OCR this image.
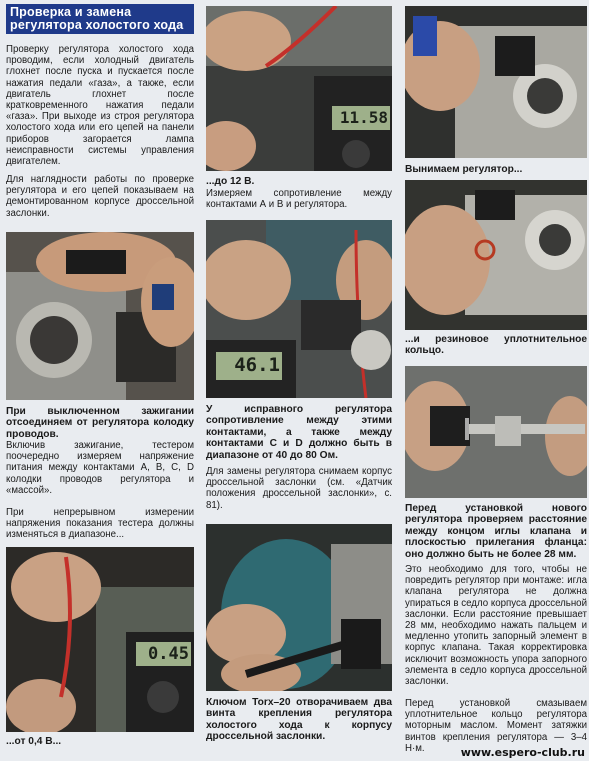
Проверка и замена регулятора холостого хода

Проверку регулятора холостого хода проводим, если холодный двигатель глохнет после пуска и пускается после нажатия педали «газа», а также, если двигатель глохнет после кратковременного нажатия педали «газа». При выходе из строя регулятора холостого хода или его цепей на панели приборов загорается лампа неисправности системы управления двигателем.

Для наглядности работы по проверке регулятора и его цепей показываем на демонтированном корпусе дроссельной заслонки.

При выключенном зажигании отсоединяем от регулятора колодку проводов.

Включив зажигание, тестером поочередно измеряем напряжение питания между контактами А, В, С, D колодки проводов регулятора и «массой».

При непрерывном измерении напряжения показания тестера должны изменяться в диапазоне...

0.45

...от 0,4 В...

11.58

...до 12 В.

Измеряем сопротивление между контактами А и В и регулятора.

46.1

У исправного регулятора сопротивление между этими контактами, а также между контактами С и D должно быть в диапазоне от 40 до 80 Ом.

Для замены регулятора снимаем корпус дроссельной заслонки (см. «Датчик положения дроссельной заслонки», с. 81).

Ключом Torx–20 отворачиваем два винта крепления регулятора холостого хода к корпусу дроссельной заслонки.

Вынимаем регулятор...

...и резиновое уплотнительное кольцо.

Перед установкой нового регулятора проверяем расстояние между концом иглы клапана и плоскостью прилегания фланца: оно должно быть не более 28 мм.

Это необходимо для того, чтобы не повредить регулятор при монтаже: игла клапана регулятора не должна упираться в седло корпуса дроссельной заслонки. Если расстояние превышает 28 мм, необходимо нажать пальцем и медленно утопить запорный элемент в корпус клапана. Такая корректировка исключит возможность упора запорного элемента в седло корпуса дроссельной заслонки.

Перед установкой смазываем уплотнительное кольцо регулятора моторным маслом. Момент затяжки винтов крепления регулятора — 3–4 Н·м.	www.espero-club.ru
